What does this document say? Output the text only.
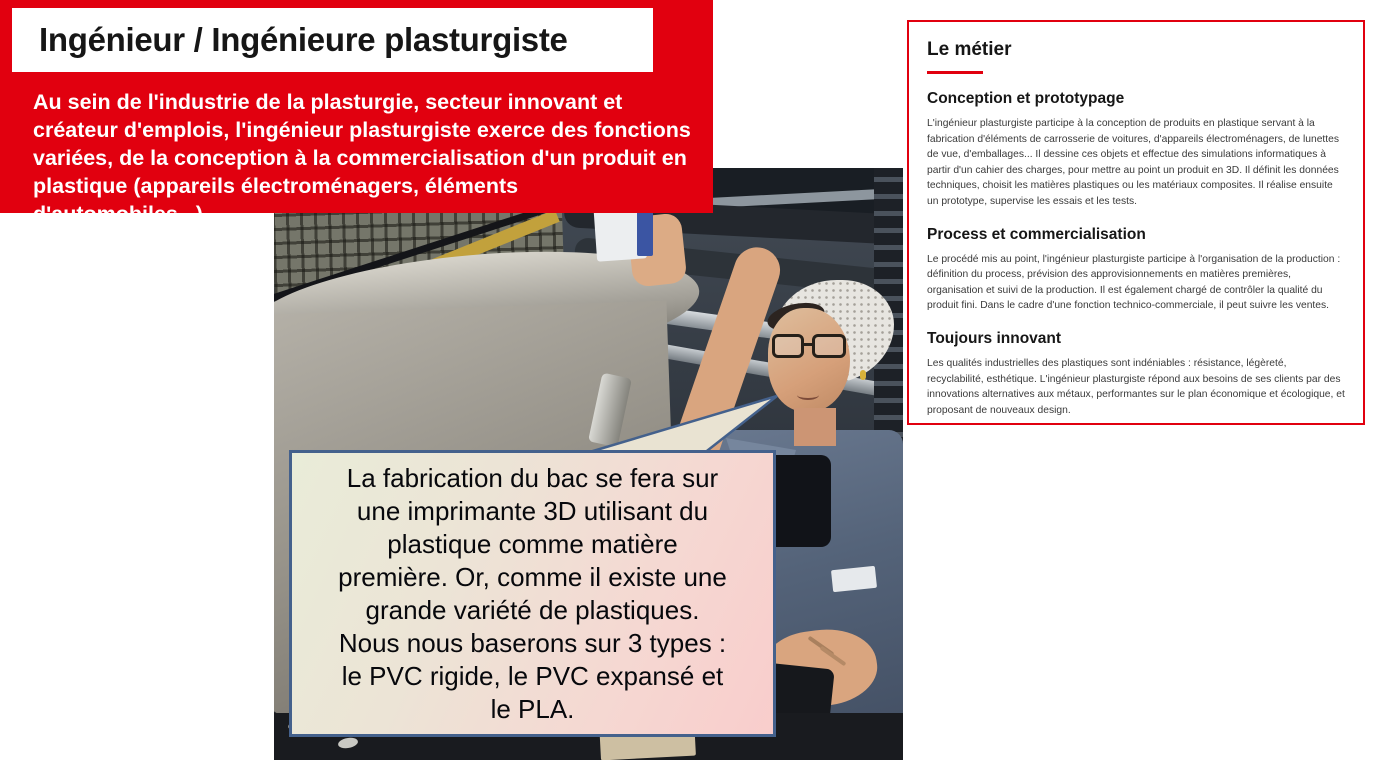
Ingénieur / Ingénieure plasturgiste

Au sein de l'industrie de la plasturgie, secteur innovant et créateur d'emplois, l'ingénieur plasturgiste exerce des fonctions variées, de la conception à la commercialisation d'un produit en plastique (appareils électroménagers, éléments d'automobiles...).

Le métier
Conception et prototypage
L'ingénieur plasturgiste participe à la conception de produits en plastique servant à la fabrication d'éléments de carrosserie de voitures, d'appareils électroménagers, de lunettes de vue, d'emballages... Il dessine ces objets et effectue des simulations informatiques à partir d'un cahier des charges, pour mettre au point un produit en 3D. Il définit les données techniques, choisit les matières plastiques ou les matériaux composites. Il réalise ensuite un prototype, supervise les essais et les tests.
Process et commercialisation
Le procédé mis au point, l'ingénieur plasturgiste participe à l'organisation de la production : définition du process, prévision des approvisionnements en matières premières, organisation et suivi de la production. Il est également chargé de contrôler la qualité du produit fini. Dans le cadre d'une fonction technico-commerciale, il peut suivre les ventes.
Toujours innovant
Les qualités industrielles des plastiques sont indéniables : résistance, légèreté, recyclabilité, esthétique. L'ingénieur plasturgiste répond aux besoins de ses clients par des innovations alternatives aux métaux, performantes sur le plan économique et écologique, et proposant de nouveaux design.
La fabrication du bac se fera sur
une imprimante 3D utilisant du
plastique comme matière
première. Or, comme il existe une
grande variété de plastiques.
Nous nous baserons sur 3 types :
le PVC rigide, le PVC expansé et
le PLA.
